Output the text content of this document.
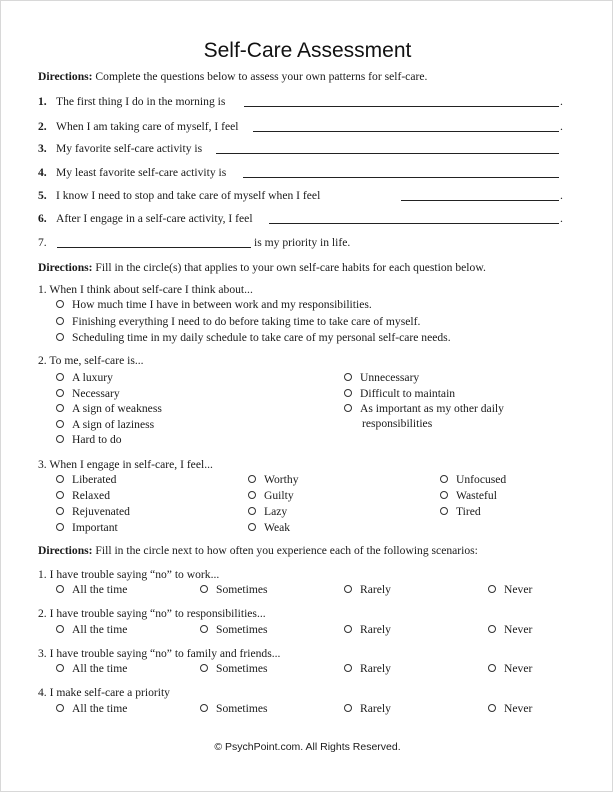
Self-Care Assessment
Directions: Complete the questions below to assess your own patterns for self-care.
1. The first thing I do in the morning is	.
2. When I am taking care of myself, I feel	.
3. My favorite self-care activity is
4. My least favorite self-care activity is
5. I know I need to stop and take care of myself when I feel	.
6. After I engage in a self-care activity, I feel	.
7.	is my priority in life.
Directions: Fill in the circle(s) that applies to your own self-care habits for each question below.
1. When I think about self-care I think about...
How much time I have in between work and my responsibilities.
Finishing everything I need to do before taking time to take care of myself.
Scheduling time in my daily schedule to take care of my personal self-care needs.
2. To me, self-care is...
A luxury
Necessary
A sign of weakness
A sign of laziness
Hard to do
Unnecessary
Difficult to maintain
As important as my other daily
responsibilities
3. When I engage in self-care, I feel...
Liberated
Relaxed
Rejuvenated
Important
Worthy
Guilty
Lazy
Weak
Unfocused
Wasteful
Tired
Directions: Fill in the circle next to how often you experience each of the following scenarios:
1. I have trouble saying “no” to work...
All the time	Sometimes	Rarely	Never
2. I have trouble saying “no” to responsibilities...
All the time	Sometimes	Rarely	Never
3. I have trouble saying “no” to family and friends...
All the time	Sometimes	Rarely	Never
4. I make self-care a priority
All the time	Sometimes	Rarely	Never
© PsychPoint.com. All Rights Reserved.
